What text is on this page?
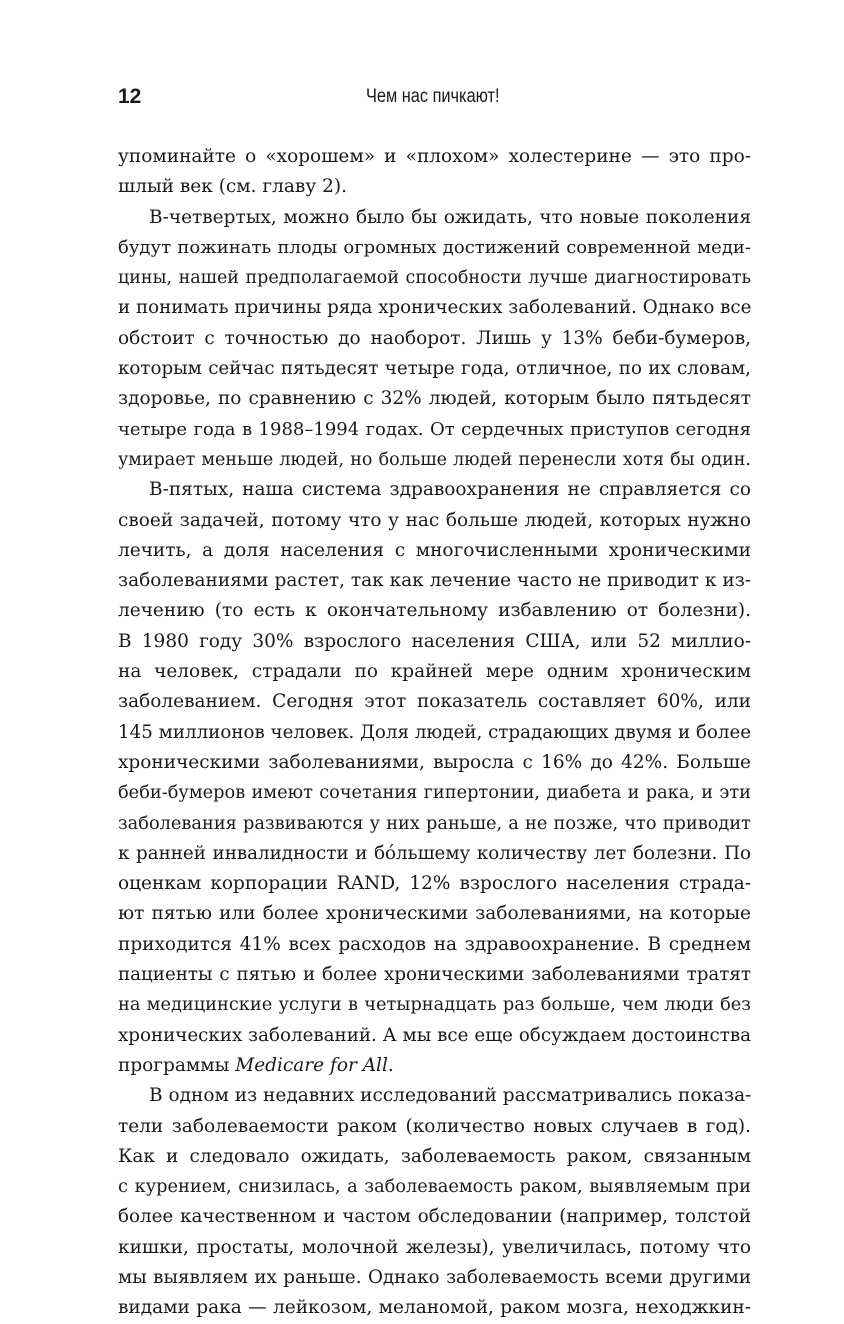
12	Чем нас пичкают!
упоминайте о «хорошем» и «плохом» холестерине — это про-
шлый век (см. главу 2).
В-четвертых, можно было бы ожидать, что новые поколения
будут пожинать плоды огромных достижений современной меди-
цины, нашей предполагаемой способности лучше диагностировать
и понимать причины ряда хронических заболеваний. Однако все
обстоит с точностью до наоборот. Лишь у 13% беби-бумеров,
которым сейчас пятьдесят четыре года, отличное, по их словам,
здоровье, по сравнению с 32% людей, которым было пятьдесят
четыре года в 1988–1994 годах. От сердечных приступов сегодня
умирает меньше людей, но больше людей перенесли хотя бы один.
В-пятых, наша система здравоохранения не справляется со
своей задачей, потому что у нас больше людей, которых нужно
лечить, а доля населения с многочисленными хроническими
заболеваниями растет, так как лечение часто не приводит к из-
лечению (то есть к окончательному избавлению от болезни).
В 1980 году 30% взрослого населения США, или 52 миллио-
на человек, страдали по крайней мере одним хроническим
заболеванием. Сегодня этот показатель составляет 60%, или
145 миллионов человек. Доля людей, страдающих двумя и более
хроническими заболеваниями, выросла с 16% до 42%. Больше
беби-бумеров имеют сочетания гипертонии, диабета и рака, и эти
заболевания развиваются у них раньше, а не позже, что приводит
к ранней инвалидности и бóльшему количеству лет болезни. По
оценкам корпорации RAND, 12% взрослого населения страда-
ют пятью или более хроническими заболеваниями, на которые
приходится 41% всех расходов на здравоохранение. В среднем
пациенты с пятью и более хроническими заболеваниями тратят
на медицинские услуги в четырнадцать раз больше, чем люди без
хронических заболеваний. А мы все еще обсуждаем достоинства
программы Medicare for All.
В одном из недавних исследований рассматривались показа-
тели заболеваемости раком (количество новых случаев в год).
Как и следовало ожидать, заболеваемость раком, связанным
с курением, снизилась, а заболеваемость раком, выявляемым при
более качественном и частом обследовании (например, толстой
кишки, простаты, молочной железы), увеличилась, потому что
мы выявляем их раньше. Однако заболеваемость всеми другими
видами рака — лейкозом, меланомой, раком мозга, неходжкин-
